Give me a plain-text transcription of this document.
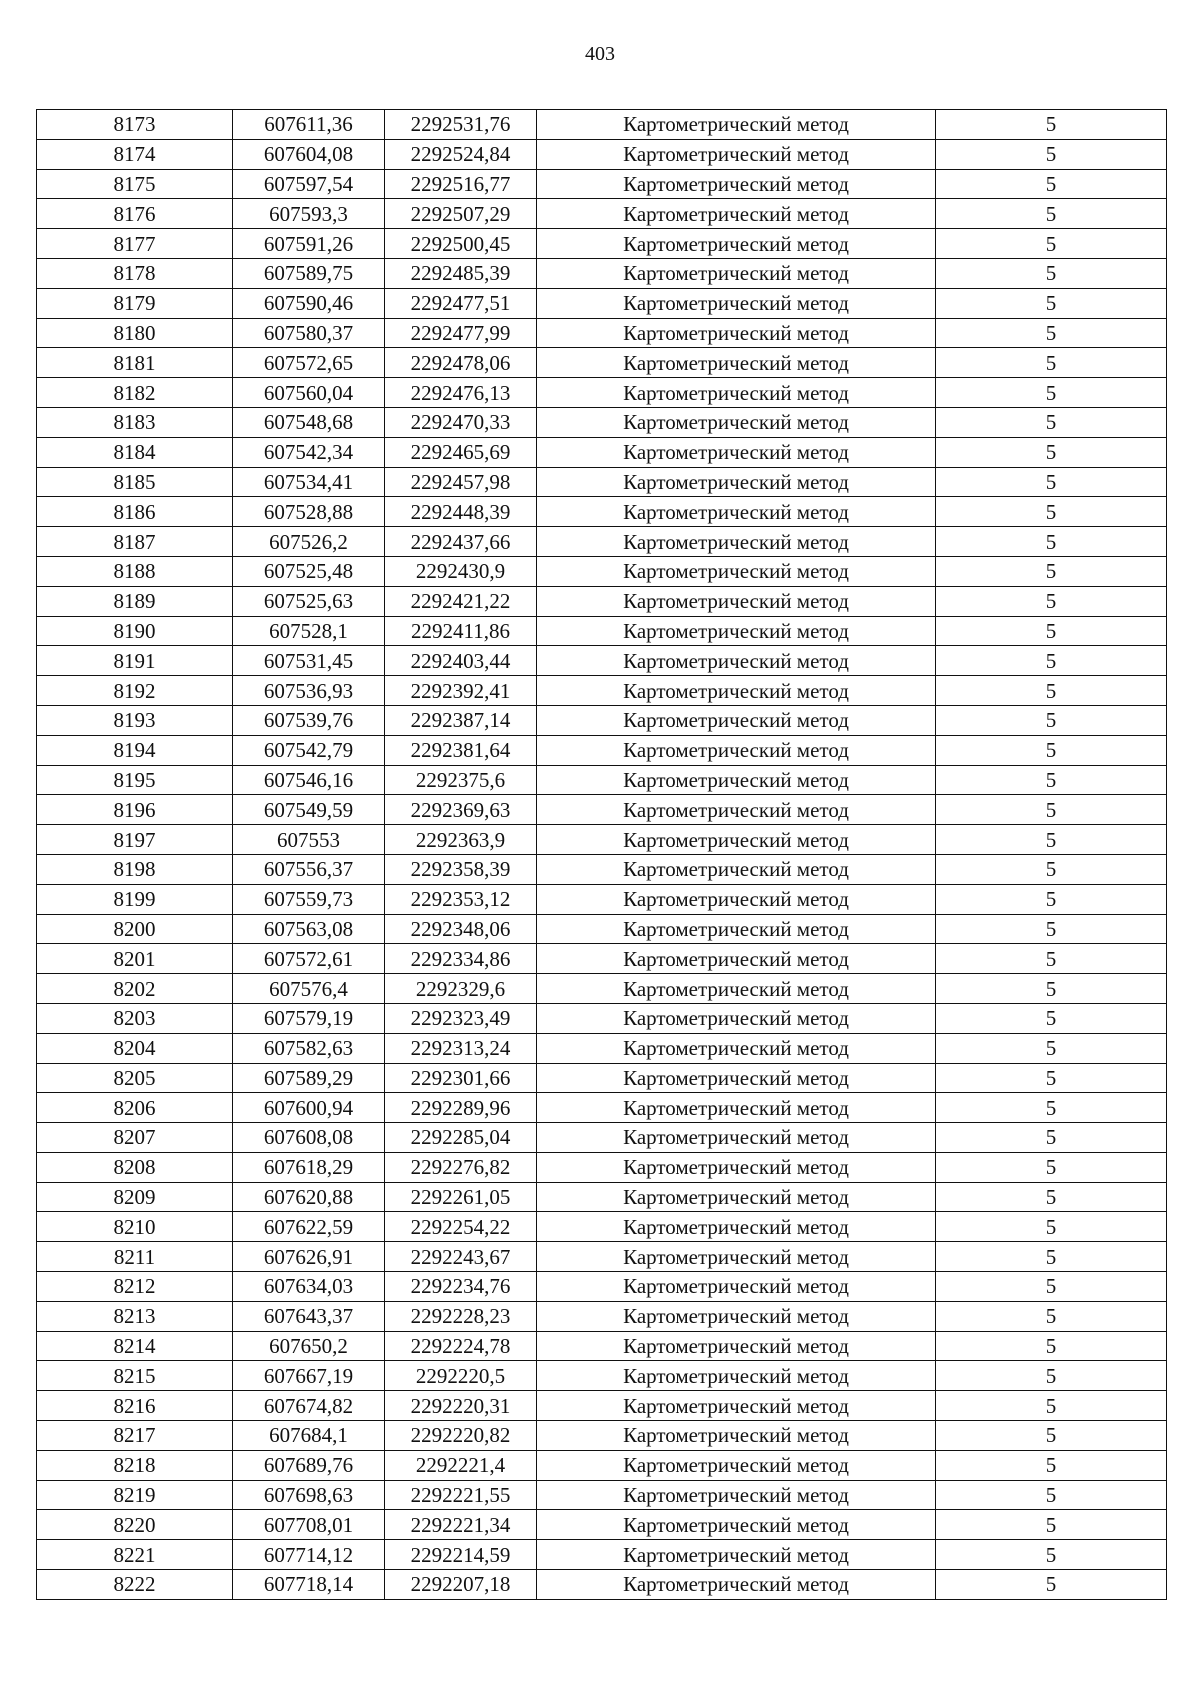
403
8173	607611,36	2292531,76	Картометрический метод	5
8174	607604,08	2292524,84	Картометрический метод	5
8175	607597,54	2292516,77	Картометрический метод	5
8176	607593,3	2292507,29	Картометрический метод	5
8177	607591,26	2292500,45	Картометрический метод	5
8178	607589,75	2292485,39	Картометрический метод	5
8179	607590,46	2292477,51	Картометрический метод	5
8180	607580,37	2292477,99	Картометрический метод	5
8181	607572,65	2292478,06	Картометрический метод	5
8182	607560,04	2292476,13	Картометрический метод	5
8183	607548,68	2292470,33	Картометрический метод	5
8184	607542,34	2292465,69	Картометрический метод	5
8185	607534,41	2292457,98	Картометрический метод	5
8186	607528,88	2292448,39	Картометрический метод	5
8187	607526,2	2292437,66	Картометрический метод	5
8188	607525,48	2292430,9	Картометрический метод	5
8189	607525,63	2292421,22	Картометрический метод	5
8190	607528,1	2292411,86	Картометрический метод	5
8191	607531,45	2292403,44	Картометрический метод	5
8192	607536,93	2292392,41	Картометрический метод	5
8193	607539,76	2292387,14	Картометрический метод	5
8194	607542,79	2292381,64	Картометрический метод	5
8195	607546,16	2292375,6	Картометрический метод	5
8196	607549,59	2292369,63	Картометрический метод	5
8197	607553	2292363,9	Картометрический метод	5
8198	607556,37	2292358,39	Картометрический метод	5
8199	607559,73	2292353,12	Картометрический метод	5
8200	607563,08	2292348,06	Картометрический метод	5
8201	607572,61	2292334,86	Картометрический метод	5
8202	607576,4	2292329,6	Картометрический метод	5
8203	607579,19	2292323,49	Картометрический метод	5
8204	607582,63	2292313,24	Картометрический метод	5
8205	607589,29	2292301,66	Картометрический метод	5
8206	607600,94	2292289,96	Картометрический метод	5
8207	607608,08	2292285,04	Картометрический метод	5
8208	607618,29	2292276,82	Картометрический метод	5
8209	607620,88	2292261,05	Картометрический метод	5
8210	607622,59	2292254,22	Картометрический метод	5
8211	607626,91	2292243,67	Картометрический метод	5
8212	607634,03	2292234,76	Картометрический метод	5
8213	607643,37	2292228,23	Картометрический метод	5
8214	607650,2	2292224,78	Картометрический метод	5
8215	607667,19	2292220,5	Картометрический метод	5
8216	607674,82	2292220,31	Картометрический метод	5
8217	607684,1	2292220,82	Картометрический метод	5
8218	607689,76	2292221,4	Картометрический метод	5
8219	607698,63	2292221,55	Картометрический метод	5
8220	607708,01	2292221,34	Картометрический метод	5
8221	607714,12	2292214,59	Картометрический метод	5
8222	607718,14	2292207,18	Картометрический метод	5
